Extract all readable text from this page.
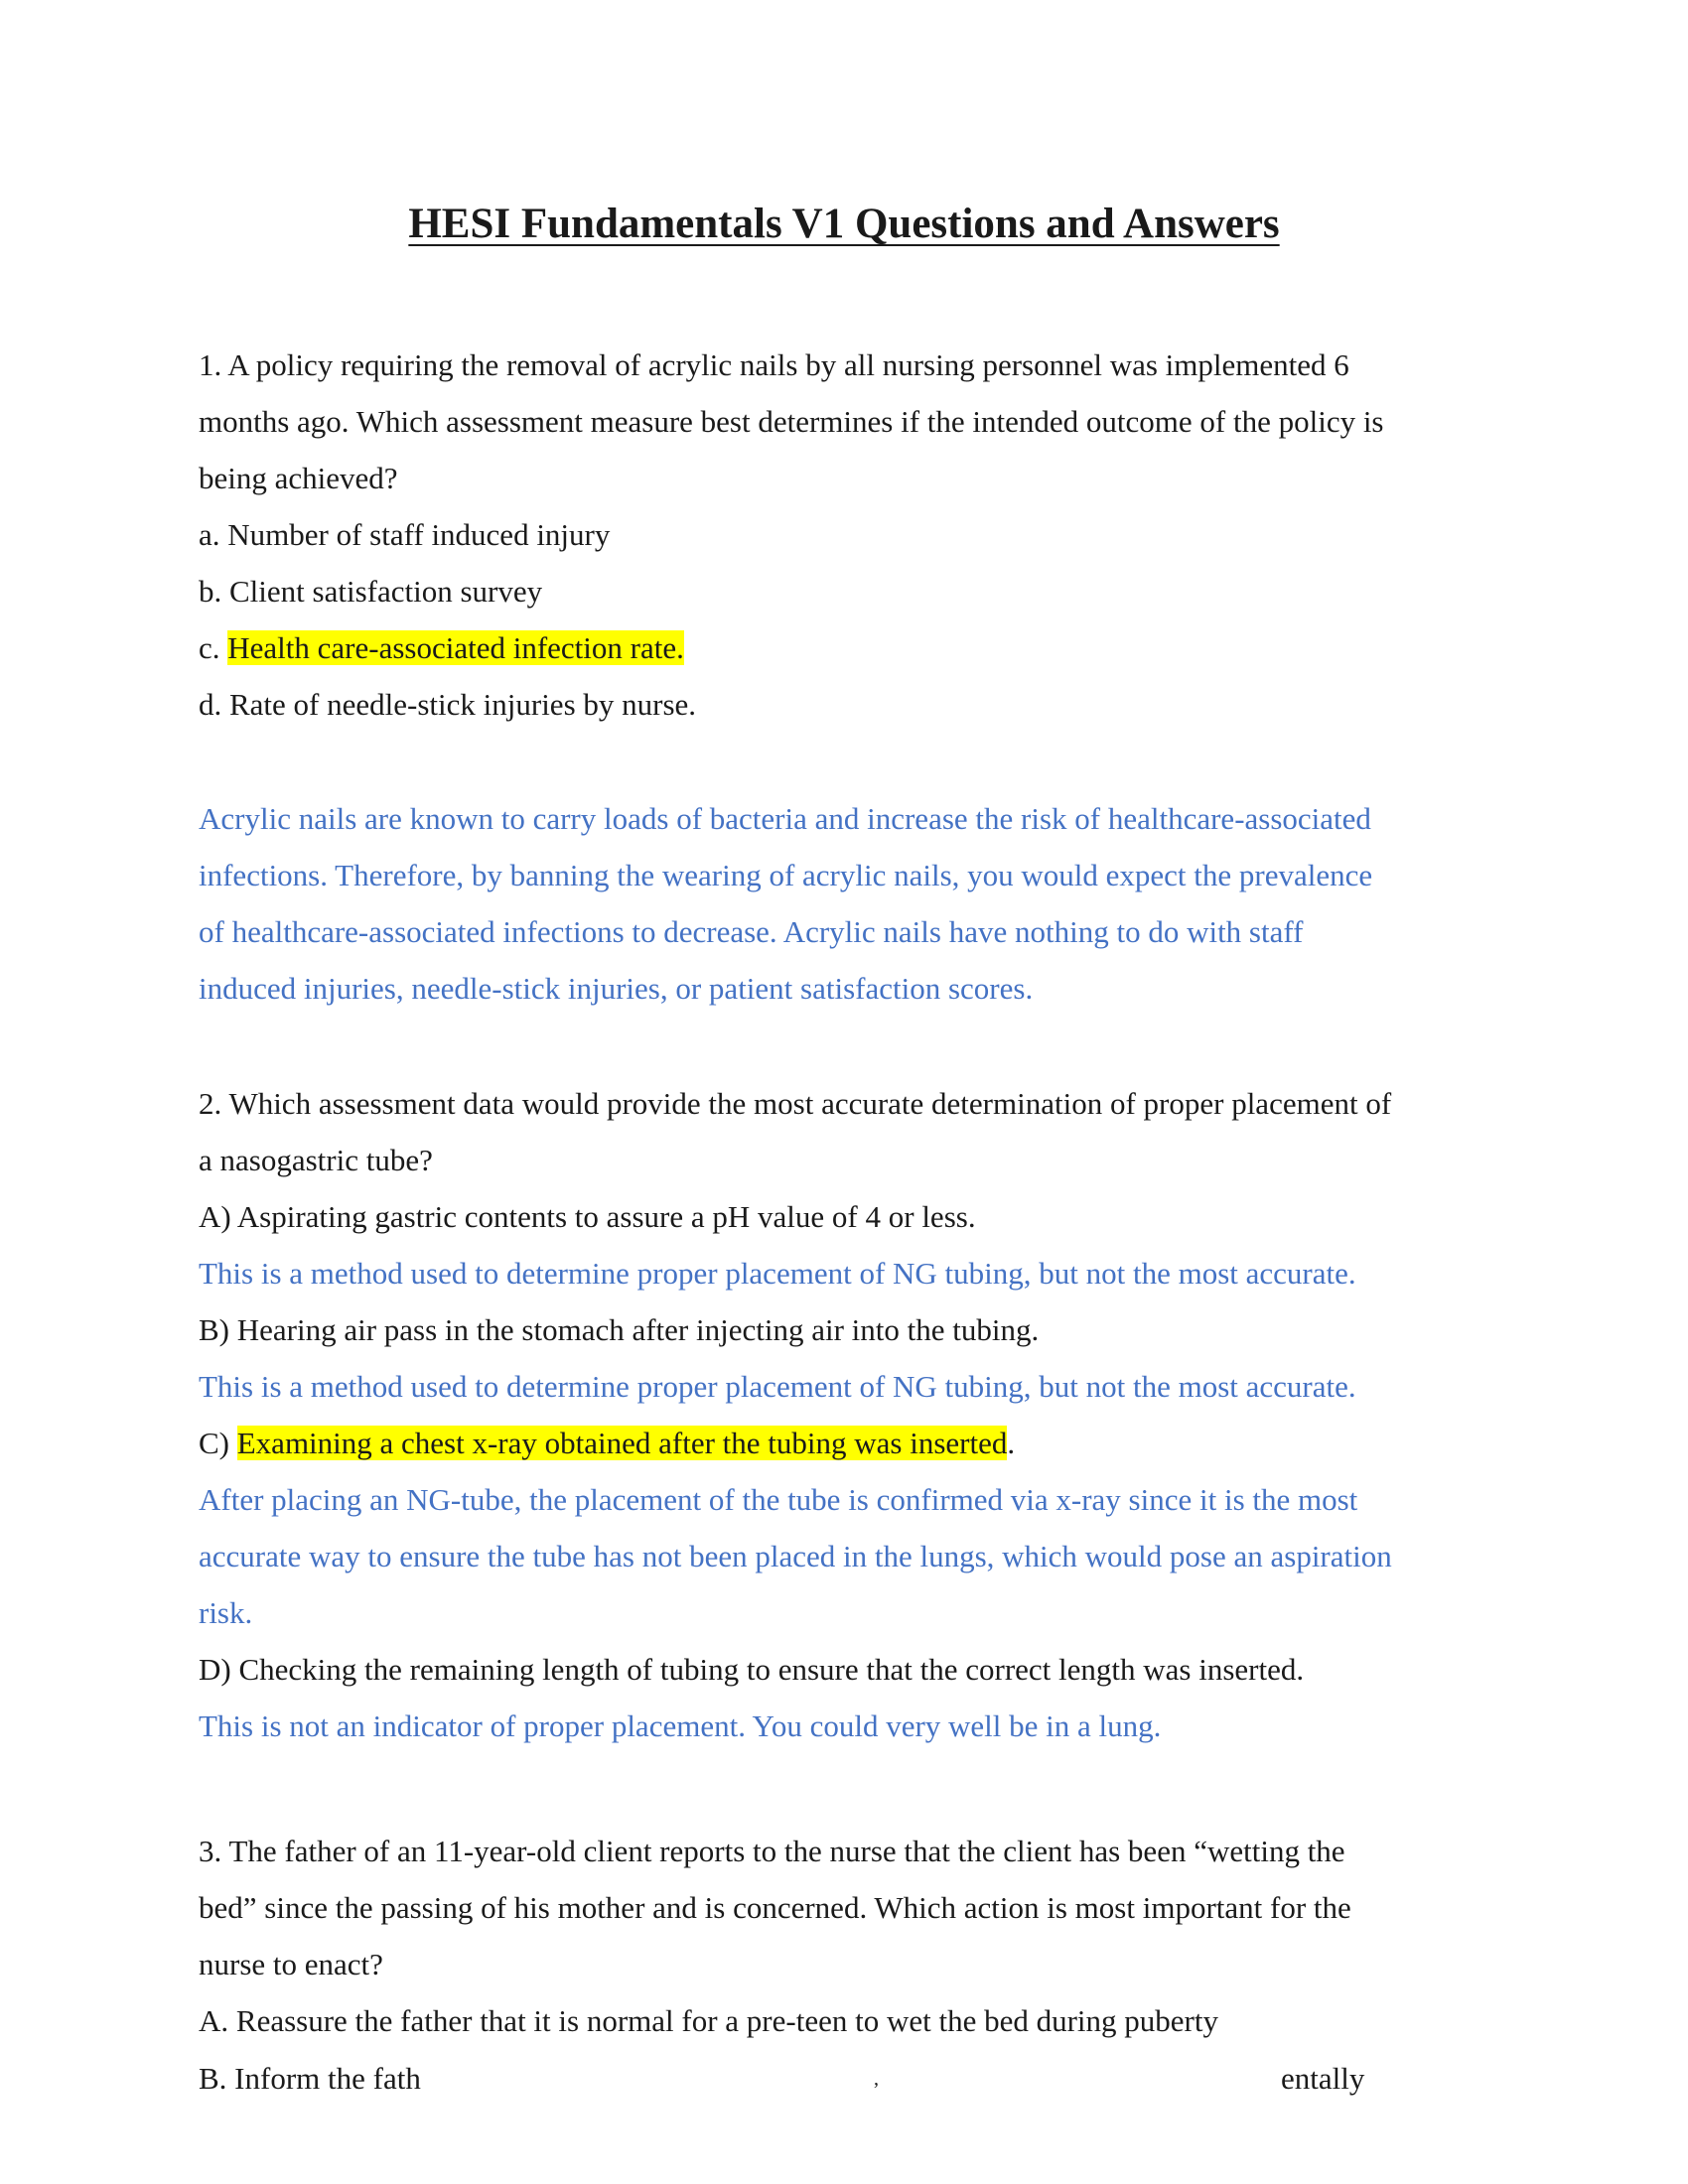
HESI Fundamentals V1 Questions and Answers
1. A policy requiring the removal of acrylic nails by all nursing personnel was implemented 6
months ago. Which assessment measure best determines if the intended outcome of the policy is
being achieved?
a. Number of staff induced injury
b. Client satisfaction survey
c. Health care-associated infection rate.
d. Rate of needle-stick injuries by nurse.
Acrylic nails are known to carry loads of bacteria and increase the risk of healthcare-associated
infections. Therefore, by banning the wearing of acrylic nails, you would expect the prevalence
of healthcare-associated infections to decrease. Acrylic nails have nothing to do with staff
induced injuries, needle-stick injuries, or patient satisfaction scores.
2. Which assessment data would provide the most accurate determination of proper placement of
a nasogastric tube?
A) Aspirating gastric contents to assure a pH value of 4 or less.
This is a method used to determine proper placement of NG tubing, but not the most accurate.
B) Hearing air pass in the stomach after injecting air into the tubing.
This is a method used to determine proper placement of NG tubing, but not the most accurate.
C) Examining a chest x-ray obtained after the tubing was inserted.
After placing an NG-tube, the placement of the tube is confirmed via x-ray since it is the most
accurate way to ensure the tube has not been placed in the lungs, which would pose an aspiration
risk.
D) Checking the remaining length of tubing to ensure that the correct length was inserted.
This is not an indicator of proper placement. You could very well be in a lung.
3. The father of an 11-year-old client reports to the nurse that the client has been “wetting the
bed” since the passing of his mother and is concerned. Which action is most important for the
nurse to enact?
A. Reassure the father that it is normal for a pre-teen to wet the bed during puberty
B. Inform the fath	‚	entally
